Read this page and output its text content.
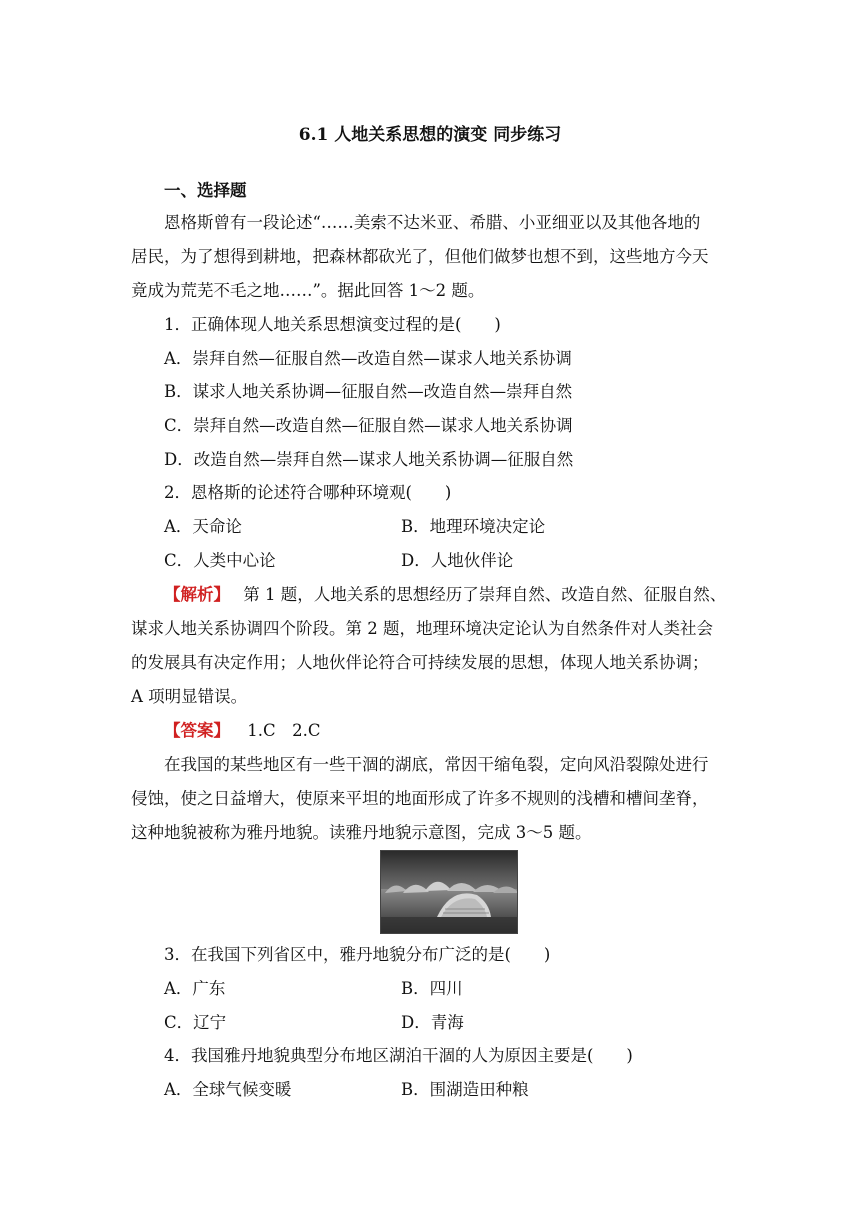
6.1 人地关系思想的演变 同步练习
一、选择题
恩格斯曾有一段论述“……美索不达米亚、希腊、小亚细亚以及其他各地的
居民，为了想得到耕地，把森林都砍光了，但他们做梦也想不到，这些地方今天
竟成为荒芜不毛之地……”。据此回答 1～2 题。
1．正确体现人地关系思想演变过程的是(　　)
A．崇拜自然—征服自然—改造自然—谋求人地关系协调
B．谋求人地关系协调—征服自然—改造自然—崇拜自然
C．崇拜自然—改造自然—征服自然—谋求人地关系协调
D．改造自然—崇拜自然—谋求人地关系协调—征服自然
2．恩格斯的论述符合哪种环境观(　　)
A．天命论	B．地理环境决定论
C．人类中心论	D．人地伙伴论
【解析】 第 1 题，人地关系的思想经历了崇拜自然、改造自然、征服自然、
谋求人地关系协调四个阶段。第 2 题，地理环境决定论认为自然条件对人类社会
的发展具有决定作用；人地伙伴论符合可持续发展的思想，体现人地关系协调；
A 项明显错误。
【答案】 1.C　2.C
在我国的某些地区有一些干涸的湖底，常因干缩龟裂，定向风沿裂隙处进行
侵蚀，使之日益增大，使原来平坦的地面形成了许多不规则的浅槽和槽间垄脊，
这种地貌被称为雅丹地貌。读雅丹地貌示意图，完成 3～5 题。
3．在我国下列省区中，雅丹地貌分布广泛的是(　　)
A．广东	B．四川
C．辽宁	D．青海
4．我国雅丹地貌典型分布地区湖泊干涸的人为原因主要是(　　)
A．全球气候变暖	B．围湖造田种粮
